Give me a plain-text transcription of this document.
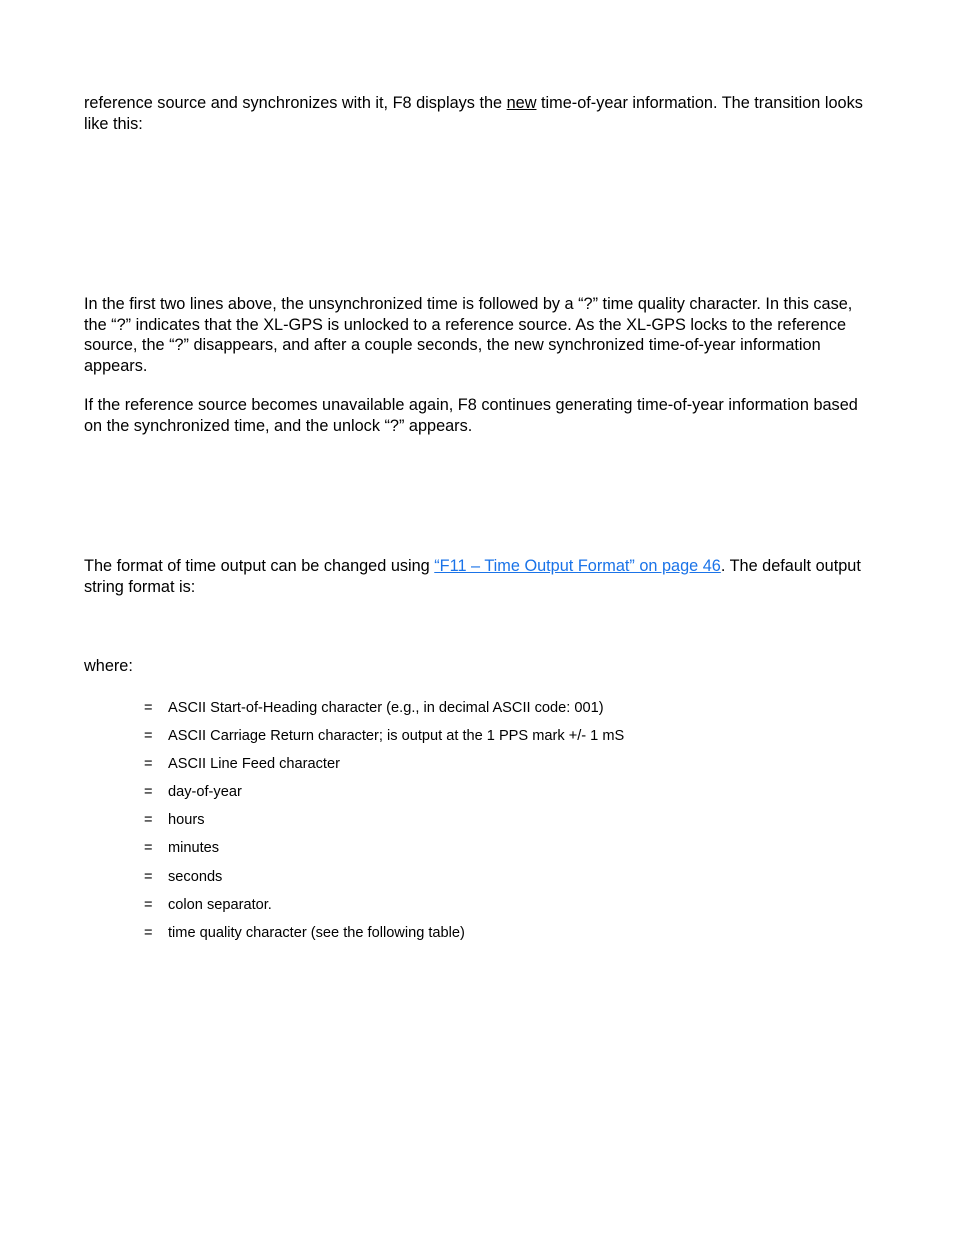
reference source and synchronizes with it, F8 displays the new time-of-year information. The transition looks like this:

In the first two lines above, the unsynchronized time is followed by a “?” time quality character. In this case, the “?” indicates that the XL-GPS is unlocked to a reference source. As the XL-GPS locks to the reference source, the “?” disappears, and after a couple seconds, the new synchronized time-of-year information appears.

If the reference source becomes unavailable again, F8 continues generating time-of-year information based on the synchronized time, and the unlock “?” appears.

The format of time output can be changed using “F11 – Time Output Format” on page 46. The default output string format is:

where:

= ASCII Start-of-Heading character (e.g., in decimal ASCII code: 001)
= ASCII Carriage Return character; is output at the 1 PPS mark +/- 1 mS
= ASCII Line Feed character
= day-of-year
= hours
= minutes
= seconds
= colon separator.
= time quality character (see the following table)
